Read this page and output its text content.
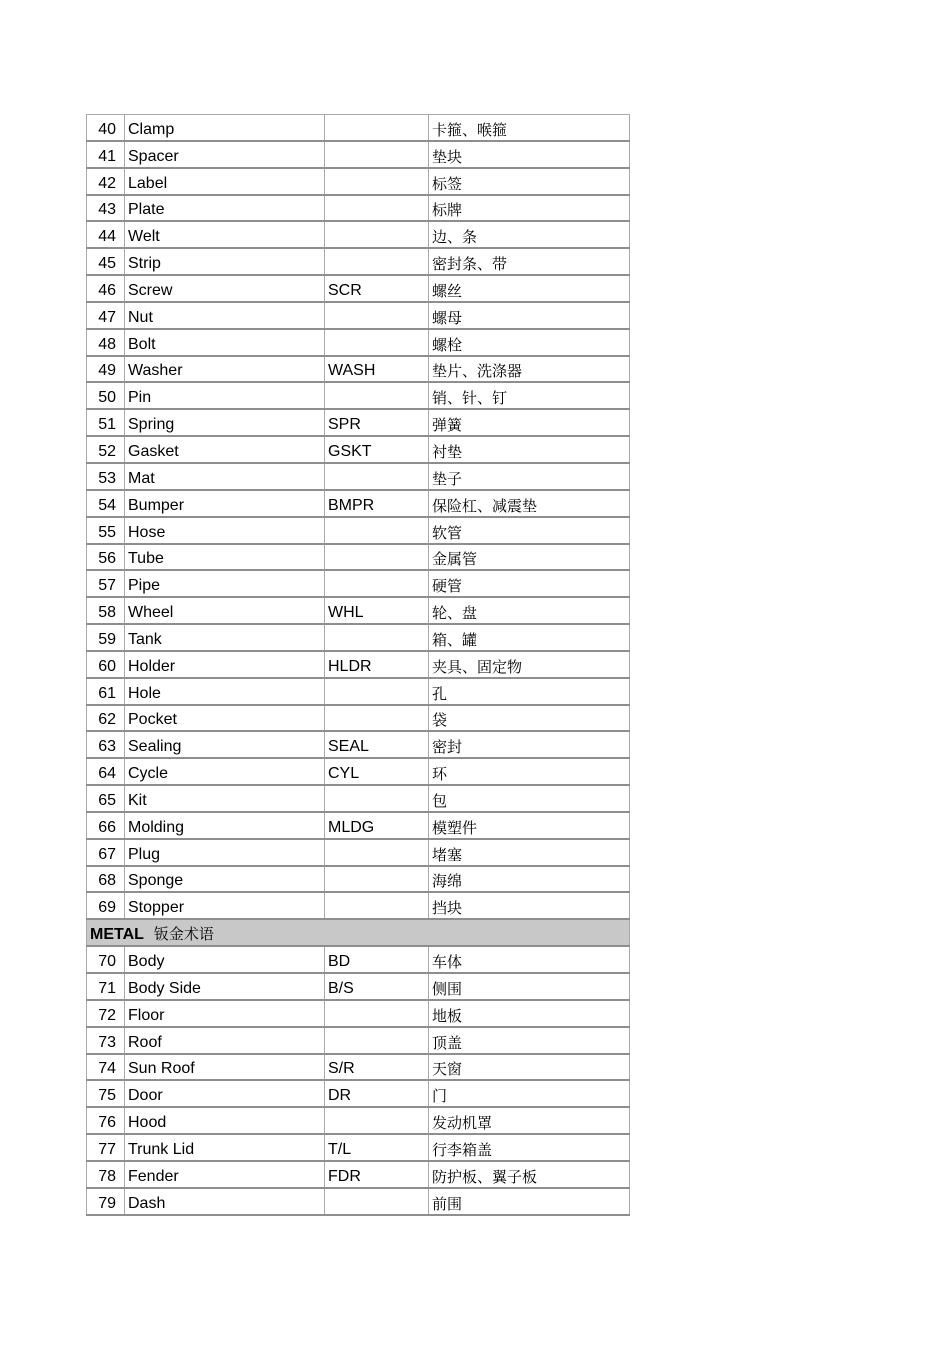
40	Clamp		卡箍、喉箍
41	Spacer		垫块
42	Label		标签
43	Plate		标牌
44	Welt		边、条
45	Strip		密封条、带
46	Screw	SCR	螺丝
47	Nut		螺母
48	Bolt		螺栓
49	Washer	WASH	垫片、洗涤器
50	Pin		销、针、钉
51	Spring	SPR	弹簧
52	Gasket	GSKT	衬垫
53	Mat		垫子
54	Bumper	BMPR	保险杠、减震垫
55	Hose		软管
56	Tube		金属管
57	Pipe		硬管
58	Wheel	WHL	轮、盘
59	Tank		箱、罐
60	Holder	HLDR	夹具、固定物
61	Hole		孔
62	Pocket		袋
63	Sealing	SEAL	密封
64	Cycle	CYL	环
65	Kit		包
66	Molding	MLDG	模塑件
67	Plug		堵塞
68	Sponge		海绵
69	Stopper		挡块
METAL 钣金术语			
70	Body	BD	车体
71	Body Side	B/S	侧围
72	Floor		地板
73	Roof		顶盖
74	Sun Roof	S/R	天窗
75	Door	DR	门
76	Hood		发动机罩
77	Trunk Lid	T/L	行李箱盖
78	Fender	FDR	防护板、翼子板
79	Dash		前围
